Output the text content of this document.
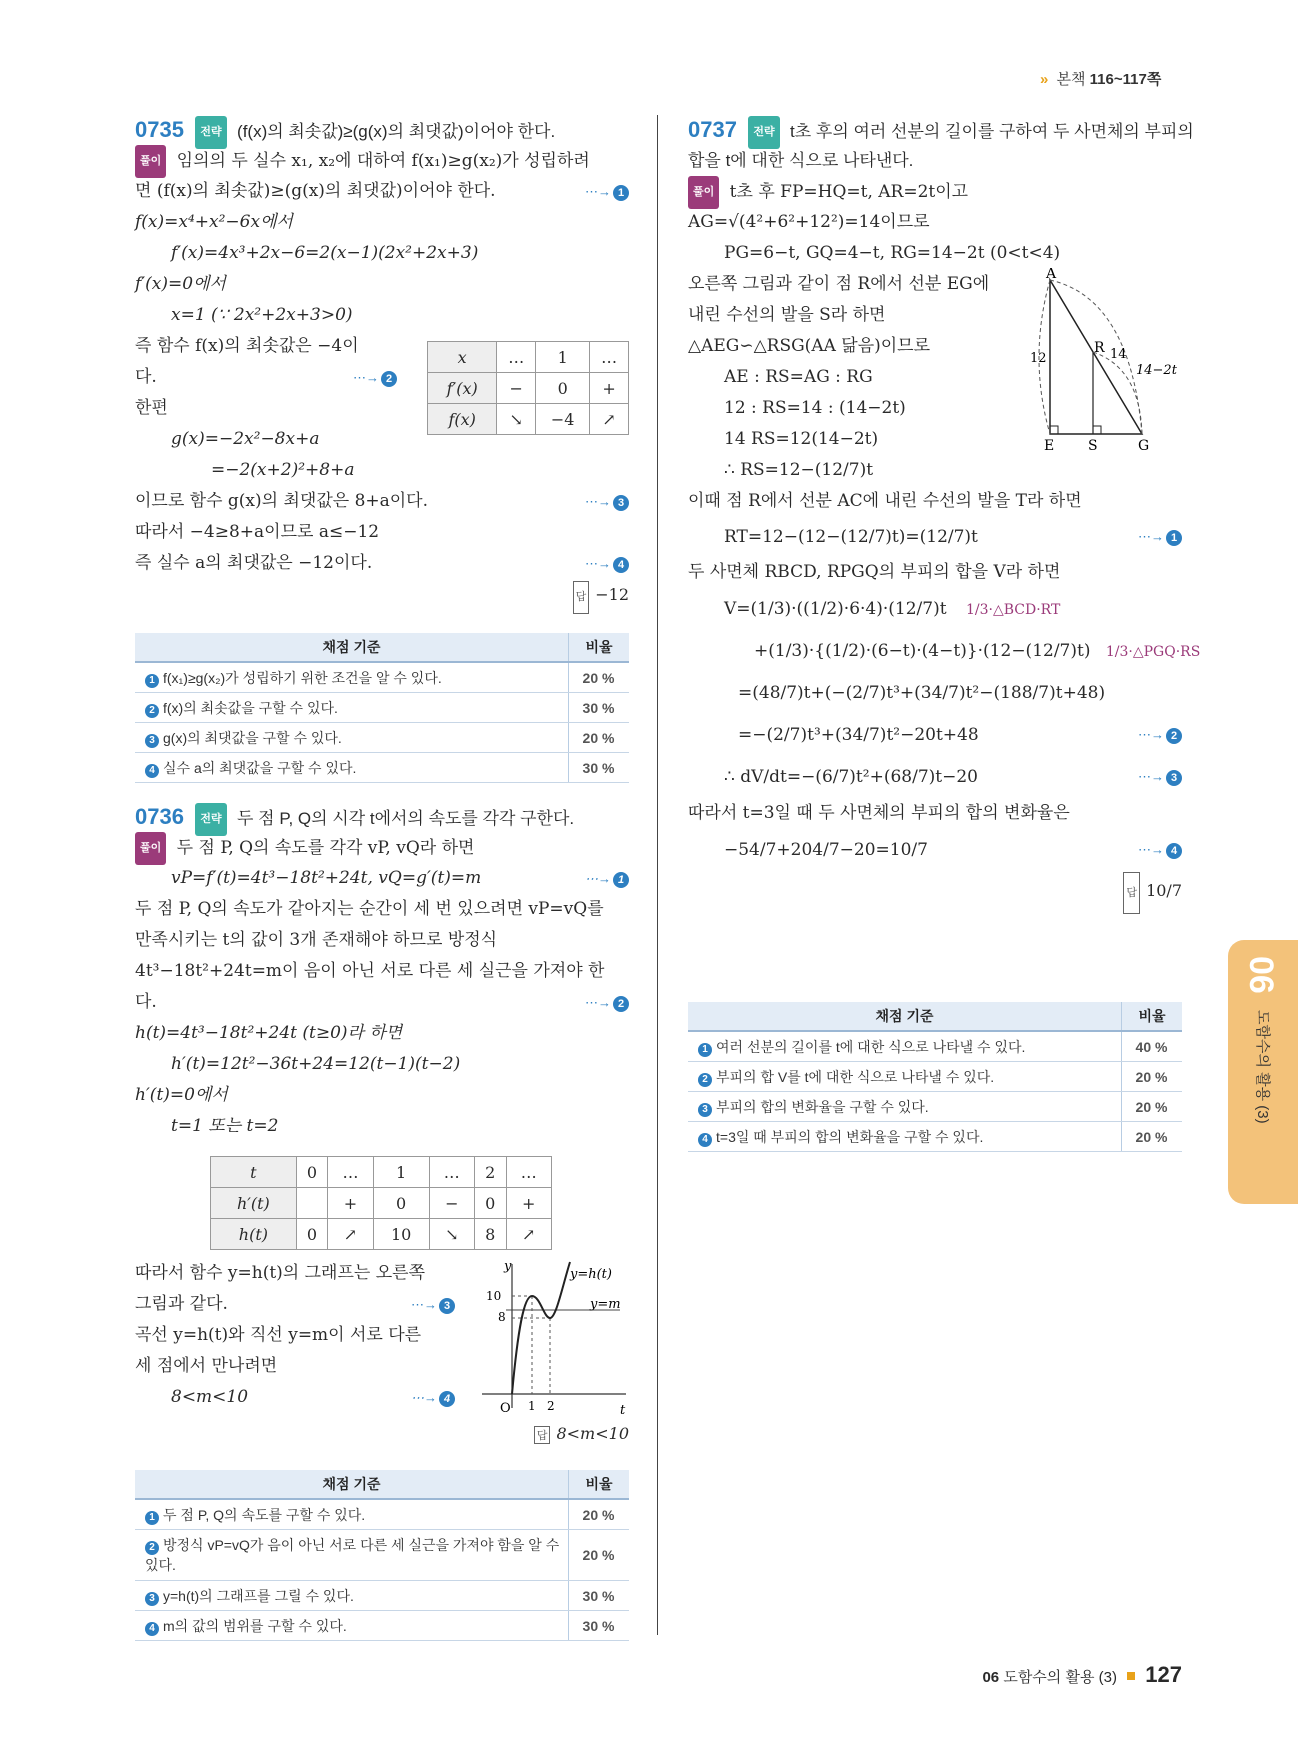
» 본책 116~117쪽
0735 전략 (f(x)의 최솟값)≥(g(x)의 최댓값)이어야 한다.
풀이 임의의 두 실수 x₁, x₂에 대하여 f(x₁)≥g(x₂)가 성립하려
면 (f(x)의 최솟값)≥(g(x)의 최댓값)이어야 한다.	⋯→ 1
f(x)=x⁴+x²−6x에서
f′(x)=4x³+2x−6=2(x−1)(2x²+2x+3)
f′(x)=0에서
x=1 (∵ 2x²+2x+3>0)
즉 함수 f(x)의 최솟값은 −4이
다.	⋯→ 2
한편
g(x)=−2x²−8x+a
=−2(x+2)²+8+a
이므로 함수 g(x)의 최댓값은 8+a이다.	⋯→ 3
따라서 −4≥8+a이므로 a≤−12
즉 실수 a의 최댓값은 −12이다.	⋯→ 4
답 −12
x	…	1	…
f′(x)	−	0	+
f(x)	↘	−4	↗
채점 기준	비율
1 f(x₁)≥g(x₂)가 성립하기 위한 조건을 알 수 있다.	20 %
2 f(x)의 최솟값을 구할 수 있다.	30 %
3 g(x)의 최댓값을 구할 수 있다.	20 %
4 실수 a의 최댓값을 구할 수 있다.	30 %
0736 전략 두 점 P, Q의 시각 t에서의 속도를 각각 구한다.
풀이 두 점 P, Q의 속도를 각각 vP, vQ라 하면
vP=f′(t)=4t³−18t²+24t, vQ=g′(t)=m	⋯→ 1
두 점 P, Q의 속도가 같아지는 순간이 세 번 있으려면 vP=vQ를
만족시키는 t의 값이 3개 존재해야 하므로 방정식
4t³−18t²+24t=m이 음이 아닌 서로 다른 세 실근을 가져야 한
다.	⋯→ 2
h(t)=4t³−18t²+24t (t≥0)라 하면
h′(t)=12t²−36t+24=12(t−1)(t−2)
h′(t)=0에서
t=1 또는 t=2
t	0	…	1	…	2	…
h′(t)		+	0	−	0	+
h(t)	0	↗	10	↘	8	↗
따라서 함수 y=h(t)의 그래프는 오른쪽
그림과 같다.	⋯→ 3
곡선 y=h(t)와 직선 y=m이 서로 다른
세 점에서 만나려면
8<m<10	⋯→ 4
y
t
O
10
8
1 2
y=h(t)
y=m
답 8<m<10
채점 기준	비율
1 두 점 P, Q의 속도를 구할 수 있다.	20 %
2 방정식 vP=vQ가 음이 아닌 서로 다른 세 실근을 가져야 함을 알 수 있다.	20 %
3 y=h(t)의 그래프를 그릴 수 있다.	30 %
4 m의 값의 범위를 구할 수 있다.	30 %
0737 전략 t초 후의 여러 선분의 길이를 구하여 두 사면체의 부피의
합을 t에 대한 식으로 나타낸다.
풀이 t초 후 FP=HQ=t, AR=2t이고
AG=√(4²+6²+12²)=14이므로
PG=6−t, GQ=4−t, RG=14−2t (0<t<4)
오른쪽 그림과 같이 점 R에서 선분 EG에
내린 수선의 발을 S라 하면
△AEG∽△RSG(AA 닮음)이므로
AE : RS=AG : RG
12 : RS=14 : (14−2t)
14 RS=12(14−2t)
∴ RS=12−(12/7)t
이때 점 R에서 선분 AC에 내린 수선의 발을 T라 하면
RT=12−(12−(12/7)t)=(12/7)t	⋯→ 1
두 사면체 RBCD, RPGQ의 부피의 합을 V라 하면
V=(1/3)·((1/2)·6·4)·(12/7)t 1/3·△BCD·RT
+(1/3)·{(1/2)·(6−t)·(4−t)}·(12−(12/7)t) 1/3·△PGQ·RS
=(48/7)t+(−(2/7)t³+(34/7)t²−(188/7)t+48)
=−(2/7)t³+(34/7)t²−20t+48	⋯→ 2
∴ dV/dt=−(6/7)t²+(68/7)t−20	⋯→ 3
따라서 t=3일 때 두 사면체의 부피의 합의 변화율은
−54/7+204/7−20=10/7	⋯→ 4
답 10/7
A
R
E S	G
12	14
14−2t
채점 기준	비율
1 여러 선분의 길이를 t에 대한 식으로 나타낼 수 있다.	40 %
2 부피의 합 V를 t에 대한 식으로 나타낼 수 있다.	20 %
3 부피의 합의 변화율을 구할 수 있다.	20 %
4 t=3일 때 부피의 합의 변화율을 구할 수 있다.	20 %
06
도함수의 활용 (3)
06 도함수의 활용 (3) 127
